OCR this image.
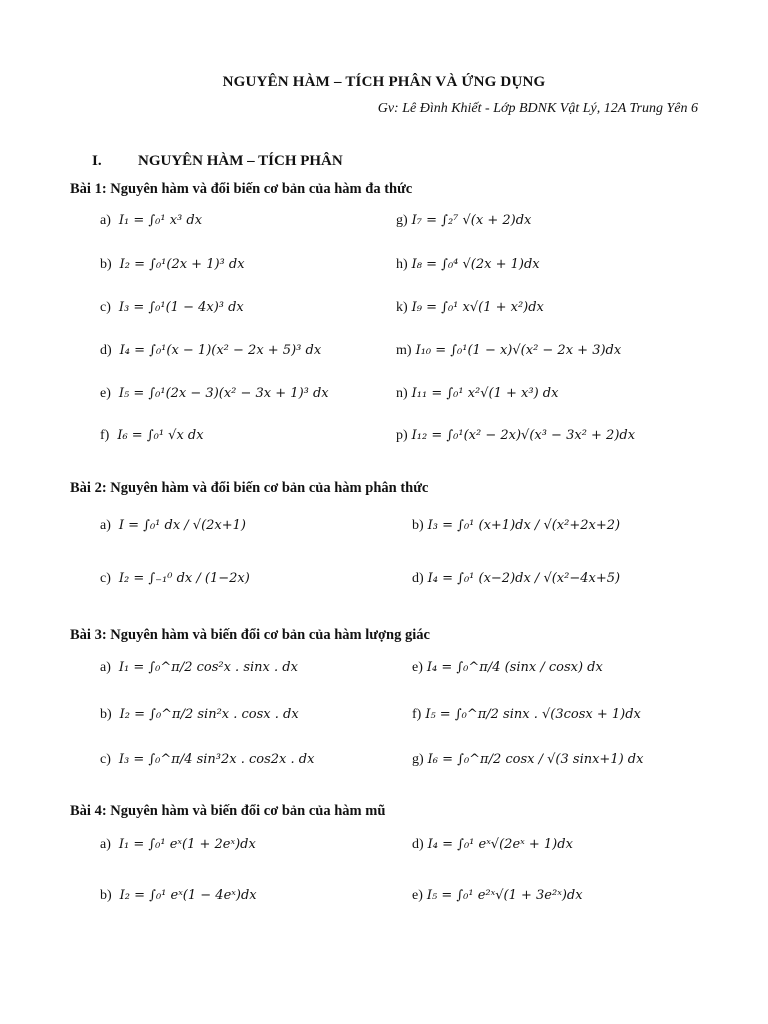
NGUYÊN HÀM – TÍCH PHÂN VÀ ỨNG DỤNG
Gv: Lê Đình Khiết - Lớp BDNK Vật Lý, 12A Trung Yên 6
I. NGUYÊN HÀM – TÍCH PHÂN
Bài 1: Nguyên hàm và đổi biến cơ bản của hàm đa thức
a) I₁ = ∫₀¹ x³ dx
b) I₂ = ∫₀¹(2x + 1)³ dx
c) I₃ = ∫₀¹(1 − 4x)³ dx
d) I₄ = ∫₀¹(x − 1)(x² − 2x + 5)³ dx
e) I₅ = ∫₀¹(2x − 3)(x² − 3x + 1)³ dx
f) I₆ = ∫₀¹ √x dx
g) I₇ = ∫₂⁷ √(x + 2)dx
h) I₈ = ∫₀⁴ √(2x + 1)dx
k) I₉ = ∫₀¹ x√(1 + x²)dx
m) I₁₀ = ∫₀¹(1 − x)√(x² − 2x + 3)dx
n) I₁₁ = ∫₀¹ x²√(1 + x³) dx
p) I₁₂ = ∫₀¹(x² − 2x)√(x³ − 3x² + 2)dx
Bài 2: Nguyên hàm và đổi biến cơ bản của hàm phân thức
a) I = ∫₀¹ dx / √(2x+1)
c) I₂ = ∫₋₁⁰ dx / (1−2x)
b) I₃ = ∫₀¹ (x+1)dx / √(x²+2x+2)
d) I₄ = ∫₀¹ (x−2)dx / √(x²−4x+5)
Bài 3: Nguyên hàm và biến đổi cơ bản của hàm lượng giác
a) I₁ = ∫₀^π/2 cos²x . sinx . dx
b) I₂ = ∫₀^π/2 sin²x . cosx . dx
c) I₃ = ∫₀^π/4 sin³2x . cos2x . dx
e) I₄ = ∫₀^π/4 (sinx / cosx) dx
f) I₅ = ∫₀^π/2 sinx . √(3cosx + 1)dx
g) I₆ = ∫₀^π/2 cosx / √(3 sinx+1) dx
Bài 4: Nguyên hàm và biến đổi cơ bản của hàm mũ
a) I₁ = ∫₀¹ eˣ(1 + 2eˣ)dx
b) I₂ = ∫₀¹ eˣ(1 − 4eˣ)dx
d) I₄ = ∫₀¹ eˣ√(2eˣ + 1)dx
e) I₅ = ∫₀¹ e²ˣ√(1 + 3e²ˣ)dx
